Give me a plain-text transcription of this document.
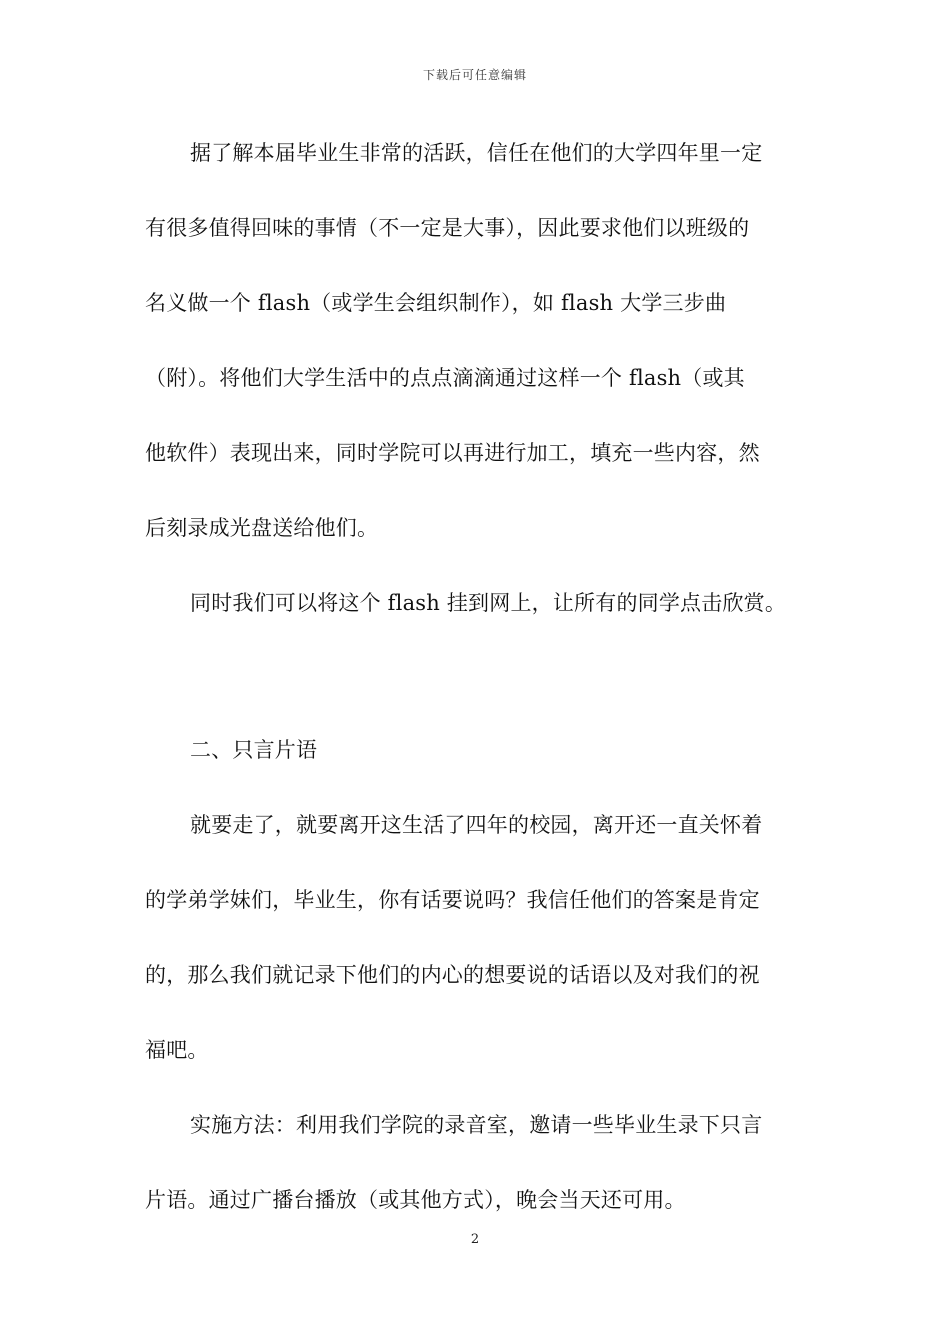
下载后可任意编辑
据了解本届毕业生非常的活跃，信任在他们的大学四年里一定
有很多值得回味的事情（不一定是大事），因此要求他们以班级的
名义做一个 flash（或学生会组织制作），如 flash 大学三步曲
（附）。将他们大学生活中的点点滴滴通过这样一个 flash（或其
他软件）表现出来，同时学院可以再进行加工，填充一些内容，然
后刻录成光盘送给他们。
同时我们可以将这个 flash 挂到网上，让所有的同学点击欣赏。
二、只言片语
就要走了，就要离开这生活了四年的校园，离开还一直关怀着
的学弟学妹们，毕业生，你有话要说吗？我信任他们的答案是肯定
的，那么我们就记录下他们的内心的想要说的话语以及对我们的祝
福吧。
实施方法：利用我们学院的录音室，邀请一些毕业生录下只言
片语。通过广播台播放（或其他方式），晚会当天还可用。
2
